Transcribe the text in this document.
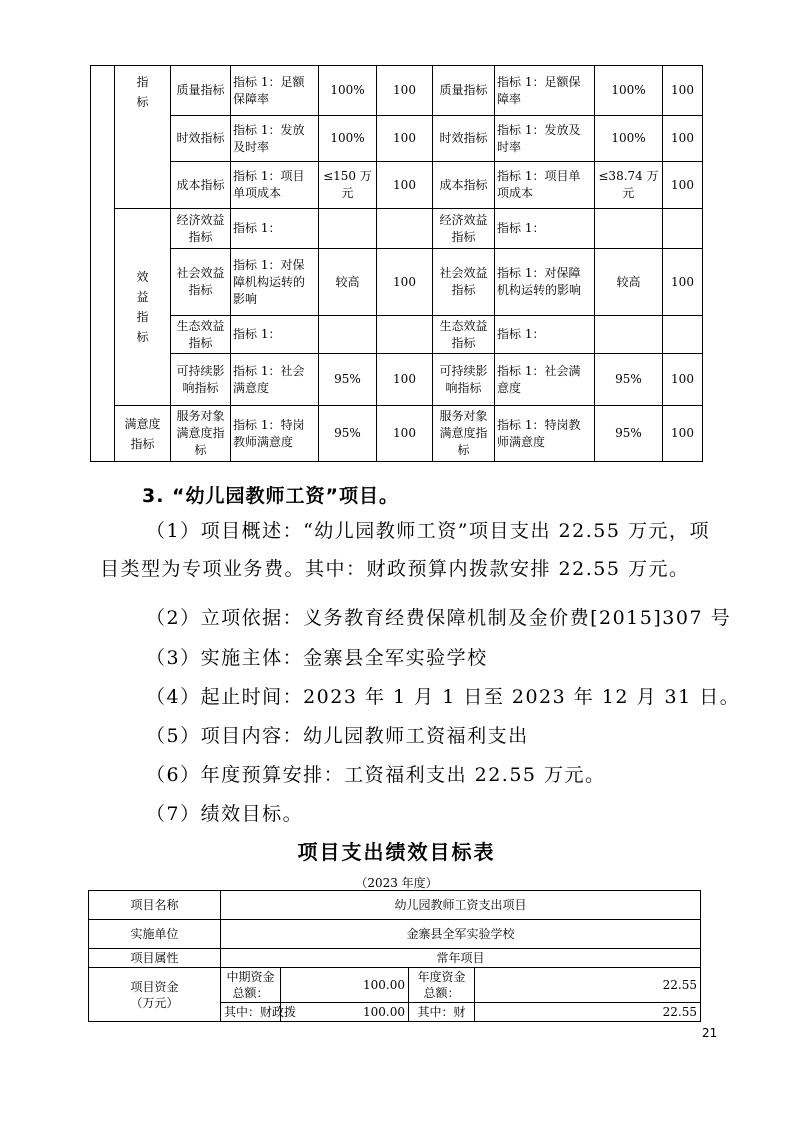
	指
标	质量指标	指标 1：足额保障率	100%	100	质量指标	指标 1：足额保障率	100%	100
		时效指标	指标 1：发放及时率	100%	100	时效指标	指标 1：发放及时率	100%	100
		成本指标	指标 1：项目单项成本	≤150 万元	100	成本指标	指标 1：项目单项成本	≤38.74 万元	100
	效
益
指
标	经济效益指标	指标 1：			经济效益指标	指标 1：		
		社会效益指标	指标 1：对保障机构运转的影响	较高	100	社会效益指标	指标 1：对保障机构运转的影响	较高	100
		生态效益指标	指标 1：			生态效益指标	指标 1：		
		可持续影响指标	指标 1：社会满意度	95%	100	可持续影响指标	指标 1：社会满意度	95%	100
	满意度
指标	服务对象满意度指标	指标 1：特岗教师满意度	95%	100	服务对象满意度指标	指标 1：特岗教师满意度	95%	100
3. “幼儿园教师工资”项目。
（1）项目概述：“幼儿园教师工资”项目支出 22.55 万元，项目类型为专项业务费。其中：财政预算内拨款安排 22.55 万元。
（2）立项依据：义务教育经费保障机制及金价费[2015]307 号
（3）实施主体：金寨县全军实验学校
（4）起止时间：2023 年 1 月 1 日至 2023 年 12 月 31 日。
（5）项目内容：幼儿园教师工资福利支出
（6）年度预算安排：工资福利支出 22.55 万元。
（7）绩效目标。
项目支出绩效目标表
（2023 年度）
项目名称	幼儿园教师工资支出项目			
实施单位	金寨县全军实验学校			
项目属性	常年项目			
项目资金
（万元）	中期资金总额：	100.00	年度资金总额：	22.55
	其中：财政拨	100.00	其中：财	22.55
21
